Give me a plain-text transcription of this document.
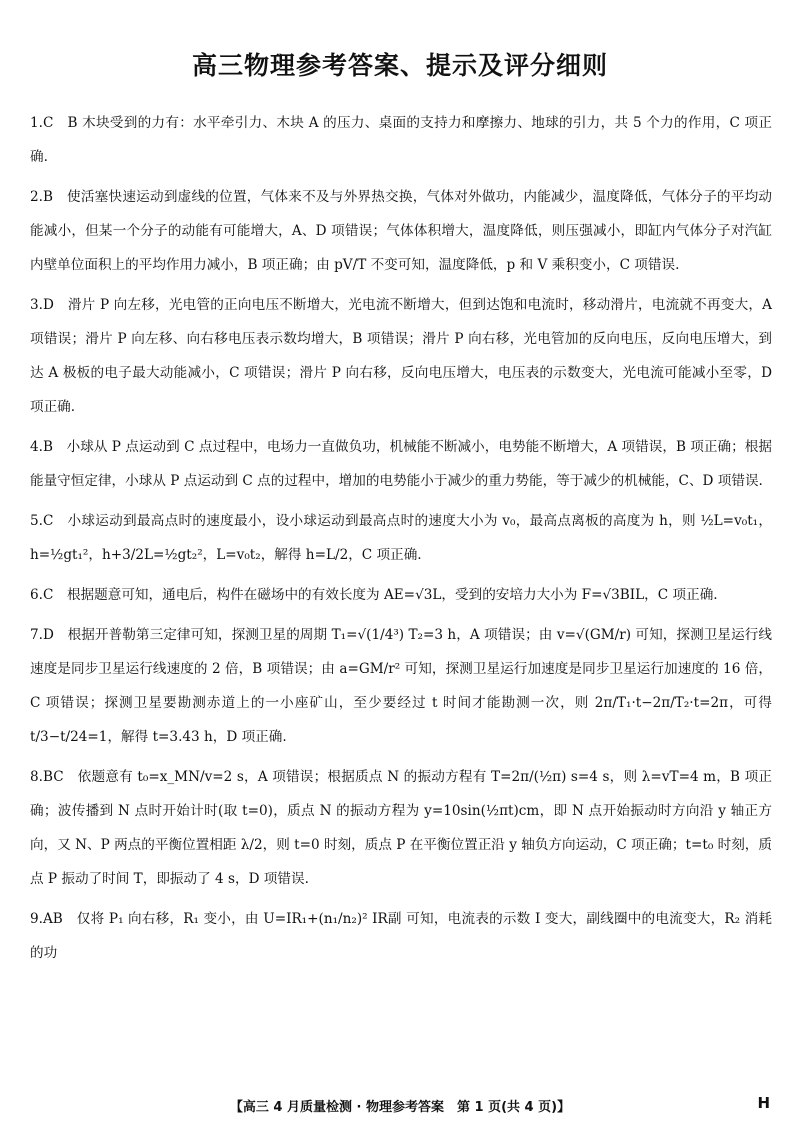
高三物理参考答案、提示及评分细则

1.C　B 木块受到的力有：水平牵引力、木块 A 的压力、桌面的支持力和摩擦力、地球的引力，共 5 个力的作用，C 项正确.

2.B　使活塞快速运动到虚线的位置，气体来不及与外界热交换，气体对外做功，内能减少，温度降低，气体分子的平均动能减小，但某一个分子的动能有可能增大，A、D 项错误；气体体积增大，温度降低，则压强减小，即缸内气体分子对汽缸内壁单位面积上的平均作用力减小，B 项正确；由 pV/T 不变可知，温度降低，p 和 V 乘积变小，C 项错误.

3.D　滑片 P 向左移，光电管的正向电压不断增大，光电流不断增大，但到达饱和电流时，移动滑片，电流就不再变大，A 项错误；滑片 P 向左移、向右移电压表示数均增大，B 项错误；滑片 P 向右移，光电管加的反向电压，反向电压增大，到达 A 极板的电子最大动能减小，C 项错误；滑片 P 向右移，反向电压增大，电压表的示数变大，光电流可能减小至零，D 项正确.

4.B　小球从 P 点运动到 C 点过程中，电场力一直做负功，机械能不断减小，电势能不断增大，A 项错误，B 项正确；根据能量守恒定律，小球从 P 点运动到 C 点的过程中，增加的电势能小于减少的重力势能，等于减少的机械能，C、D 项错误.

5.C　小球运动到最高点时的速度最小，设小球运动到最高点时的速度大小为 v₀，最高点离板的高度为 h，则 ½L=v₀t₁，h=½gt₁²，h+3/2L=½gt₂²，L=v₀t₂，解得 h=L/2，C 项正确.

6.C　根据题意可知，通电后，构件在磁场中的有效长度为 AE=√3L，受到的安培力大小为 F=√3BIL，C 项正确.

7.D　根据开普勒第三定律可知，探测卫星的周期 T₁=√(1/4³) T₂=3 h，A 项错误；由 v=√(GM/r) 可知，探测卫星运行线速度是同步卫星运行线速度的 2 倍，B 项错误；由 a=GM/r² 可知，探测卫星运行加速度是同步卫星运行加速度的 16 倍，C 项错误；探测卫星要勘测赤道上的一小座矿山，至少要经过 t 时间才能勘测一次，则 2π/T₁·t−2π/T₂·t=2π，可得 t/3−t/24=1，解得 t=3.43 h，D 项正确.

8.BC　依题意有 t₀=x_MN/v=2 s，A 项错误；根据质点 N 的振动方程有 T=2π/(½π) s=4 s，则 λ=vT=4 m，B 项正确；波传播到 N 点时开始计时(取 t=0)，质点 N 的振动方程为 y=10sin(½πt)cm，即 N 点开始振动时方向沿 y 轴正方向，又 N、P 两点的平衡位置相距 λ/2，则 t=0 时刻，质点 P 在平衡位置正沿 y 轴负方向运动，C 项正确；t=t₀ 时刻，质点 P 振动了时间 T，即振动了 4 s，D 项错误.

9.AB　仅将 P₁ 向右移，R₁ 变小，由 U=IR₁+(n₁/n₂)² IR副 可知，电流表的示数 I 变大，副线圈中的电流变大，R₂ 消耗的功

【高三 4 月质量检测 · 物理参考答案　第 1 页(共 4 页)】	H
